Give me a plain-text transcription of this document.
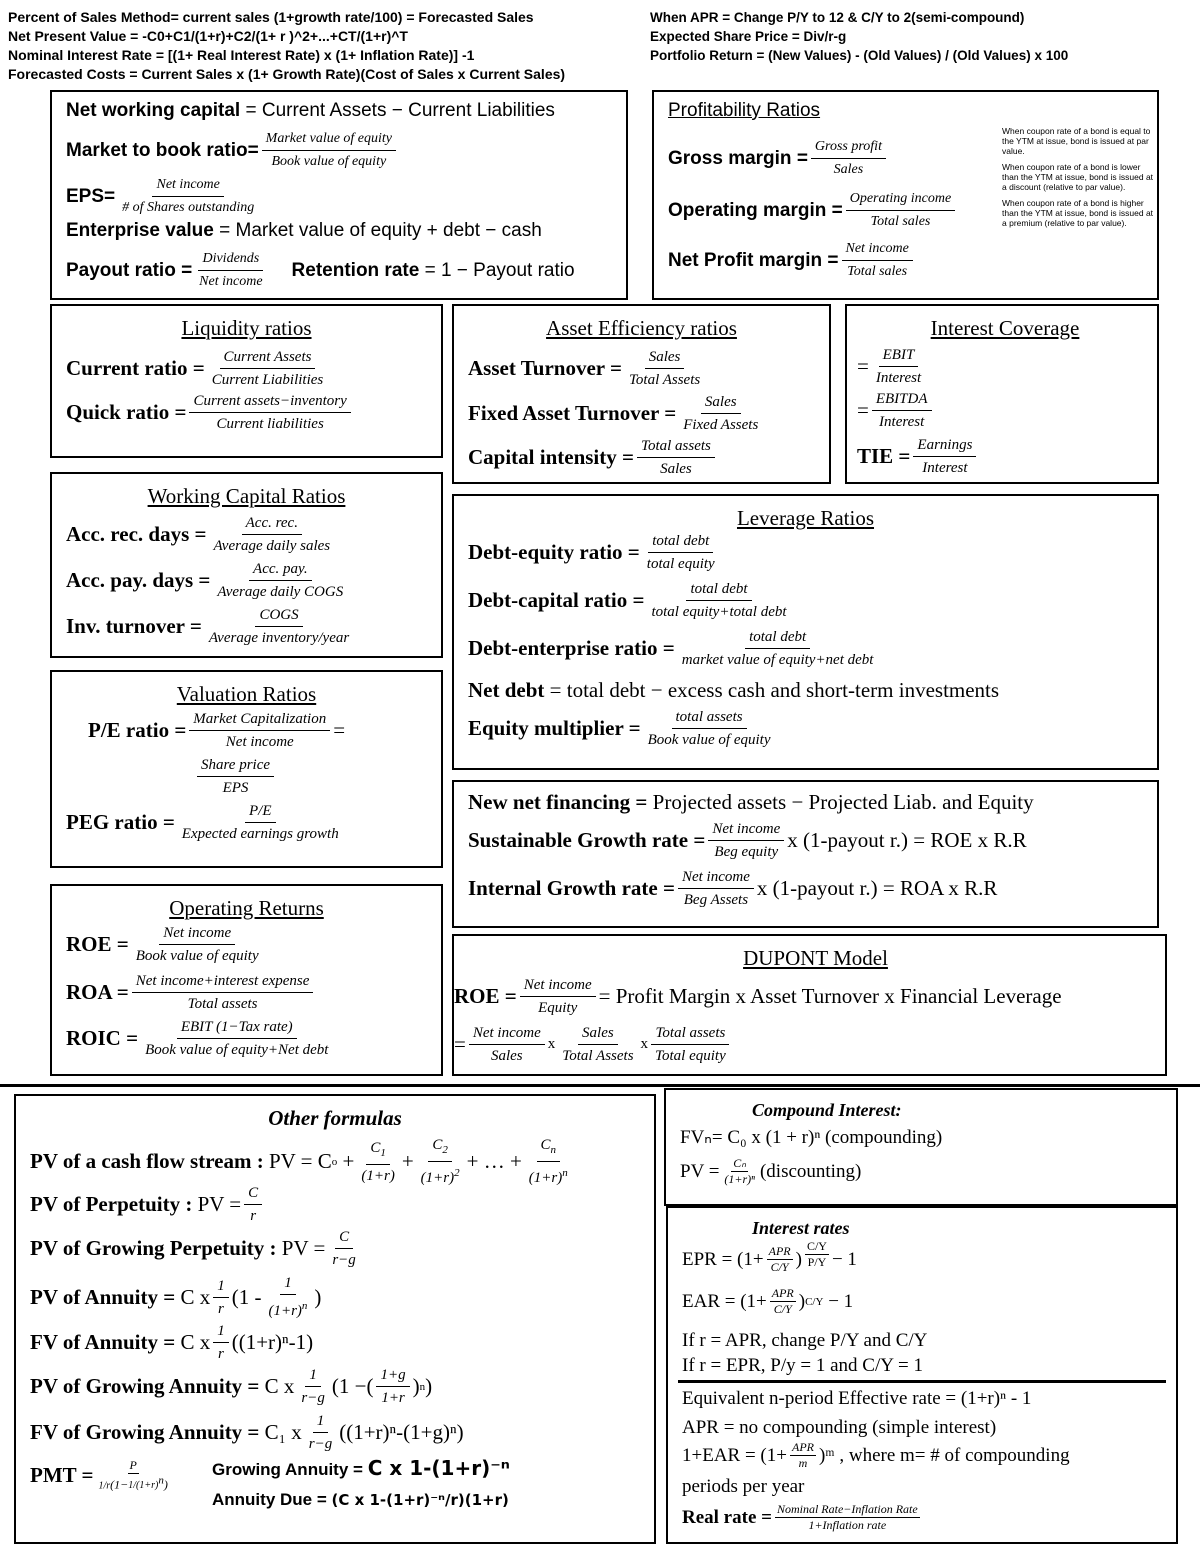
Percent of Sales Method= current sales (1+growth rate/100) = Forecasted Sales
Net Present Value = -C0+C1/(1+r)+C2/(1+ r )^2+...+CT/(1+r)^T
Nominal Interest Rate = [(1+ Real Interest Rate) x (1+ Inflation Rate)] -1
Forecasted Costs = Current Sales x (1+ Growth Rate)(Cost of Sales x Current Sales)
When APR = Change P/Y to 12 & C/Y to 2(semi-compound)
Expected Share Price = Div/r-g
Portfolio Return = (New Values) - (Old Values) / (Old Values) x 100
Net working capital
= Current Assets − Current Liabilities
Market to book ratio= $\frac{\text{Market value of equity}}{\text{Book value of equity}}$
$EPS= \frac{\text{Net income}}{\text{\# of Shares outstanding}}$
Enterprise value
= Market value of equity + debt − cash
Payout ratio = $\frac{\text{Dividends}}{\text{Net income}}$ Retention rate
= 1 − Payout ratio
Profitability Ratios
Gross margin = $\frac{\text{Gross profit}}{\text{Sales}}$
Operating margin = $\frac{\text{Operating income}}{\text{Total sales}}$
Net Profit margin = $\frac{\text{Net income}}{\text{Total sales}}$
When coupon rate of a bond is equal to the YTM at issue, bond is issued at par value.
When coupon rate of a bond is lower than the YTM at issue, bond is issued at a discount (relative to par value).
When coupon rate of a bond is higher than the YTM at issue, bond is issued at a premium (relative to par value).
Liquidity ratios
Current ratio = $\frac{\text{Current Assets}}{\text{Current Liabilities}}$
Quick ratio = $\frac{\text{Current assets−inventory}}{\text{Current liabilities}}$
Asset Efficiency ratios
Asset Turnover = $\frac{\text{Sales}}{\text{Total Assets}}$
Fixed Asset Turnover = $\frac{\text{Sales}}{\text{Fixed Assets}}$
Capital intensity = $\frac{\text{Total assets}}{\text{Sales}}$
Interest Coverage
= $\frac{\text{EBIT}}{\text{Interest}}$
= $\frac{\text{EBITDA}}{\text{Interest}}$
TIE = $\frac{\text{Earnings}}{\text{Interest}}$
Working Capital Ratios
Acc. rec. days = $\frac{\text{Acc. rec.}}{\text{Average daily sales}}$
Acc. pay. days = $\frac{\text{Acc. pay.}}{\text{Average daily COGS}}$
Inv. turnover = $\frac{\text{COGS}}{\text{Average inventory/year}}$
Leverage Ratios
Debt-equity ratio = $\frac{\text{total debt}}{\text{total equity}}$
Debt-capital ratio = $\frac{\text{total debt}}{\text{total equity+total debt}}$
Debt-enterprise ratio = $\frac{\text{total debt}}{\text{market value of equity+net debt}}$
Net debt
= total debt − excess cash and short-term investments
Equity multiplier = $\frac{\text{total assets}}{\text{Book value of equity}}$
Valuation Ratios
P/E ratio = $\frac{\text{Market Capitalization}}{\text{Net income}}$ =
$\frac{\text{Share price}}{\text{EPS}}$
PEG ratio = $\frac{P/E}{\text{Expected earnings growth}}$	New net financing =
Projected assets − Projected Liab. and Equity
Sustainable Growth rate = $\frac{\text{Net income}}{\text{Beg equity}}$ x (1-payout r.) = ROE x R.R
Internal Growth rate = $\frac{\text{Net income}}{\text{Beg Assets}}$ x (1-payout r.) = ROA x R.R
Operating Returns
ROE = $\frac{\text{Net income}}{\text{Book value of equity}}$
ROA = $\frac{\text{Net income+interest expense}}{\text{Total assets}}$
ROIC = $\frac{\text{EBIT (1−Tax rate)}}{\text{Book value of equity+Net debt}}$
DUPONT Model
ROE = $\frac{\text{Net income}}{\text{Equity}}$ = Profit Margin x Asset Turnover x Financial Leverage
= $\frac{\text{Net income}}{\text{Sales}}$ x $\frac{\text{Sales}}{\text{Total Assets}}$ x $\frac{\text{Total assets}}{\text{Total equity}}$
Other formulas
PV of a cash flow stream :
PV = C $o + \frac{C_1}{(1+r)} + \frac{C_2}{(1+r)^2}$ + … + $\frac{C_n}{(1+r)^n}$
PV of Perpetuity :
PV = $\frac{C}{r}$
PV of Growing Perpetuity :
PV = $\frac{C}{r-g}$
PV of Annuity =
C x $\frac{1}{r} (1 - \frac{1}{(1+r)^n}$ )
FV of Annuity =
C x $\frac{1}{r} ((1+r)^n-1)$
PV of Growing Annuity =
C x $\frac{1}{r-g} (1$ −( $\frac{1+g}{1+r}$ ) n )
FV of Growing Annuity =
C₁ x $\frac{1}{r-g} ((1+r)^n-(1+g)^n)$
PMT = $\frac{P}{1/r(1-1/(1+r)^n)}$ Growing Annuity = C x 1-(1+r)⁻ⁿ
Annuity Due = (C x 1-(1+r)⁻ⁿ/r)(1+r)
Compound Interest:
FVₙ= C₀ x (1 + r)ⁿ (compounding)
PV = $\frac{\text{Cₙ}}{\text{(1+r)ⁿ}}$ (discounting)
Interest rates
EPR = ($1+ \frac{\text{APR}}{C/Y}$ ) $\frac{C/Y}{P/Y} - 1$
EAR = ($1+ \frac{\text{APR}}{C/Y}$ ) C/Y
− 1
If r = APR, change P/Y and C/Y
If r = EPR, P/y = 1 and C/Y = 1
Equivalent n-period Effective rate = (1+r)ⁿ - 1
APR = no compounding (simple interest)
$1+EAR = (1+ \frac{\text{APR}}{m}$ )ᵐ , where m= # of compounding
periods per year
Real rate = $\frac{\text{Nominal Rate−Inflation Rate}}{\text{1+Inflation rate}}$
